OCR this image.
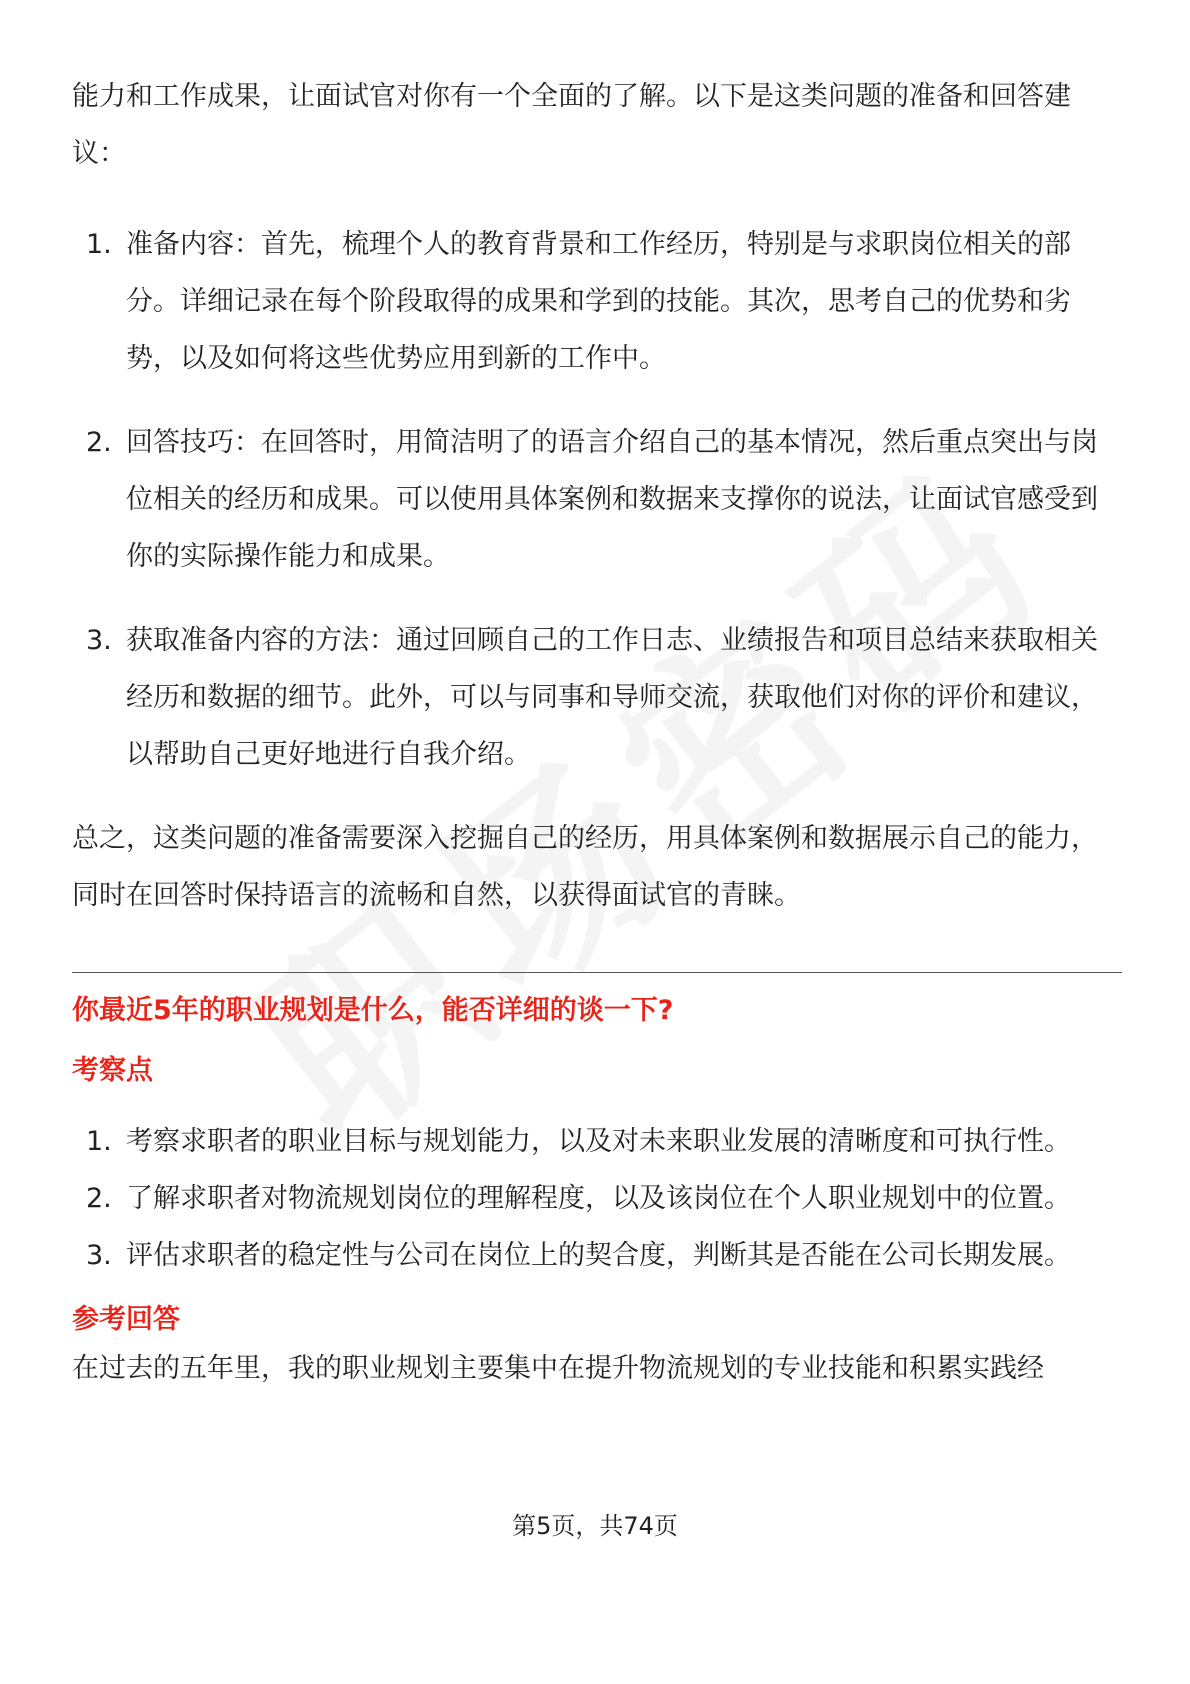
能力和工作成果，让面试官对你有一个全面的了解。以下是这类问题的准备和回答建议：

1. 准备内容：首先，梳理个人的教育背景和工作经历，特别是与求职岗位相关的部分。详细记录在每个阶段取得的成果和学到的技能。其次，思考自己的优势和劣势，以及如何将这些优势应用到新的工作中。
2. 回答技巧：在回答时，用简洁明了的语言介绍自己的基本情况，然后重点突出与岗位相关的经历和成果。可以使用具体案例和数据来支撑你的说法，让面试官感受到你的实际操作能力和成果。
3. 获取准备内容的方法：通过回顾自己的工作日志、业绩报告和项目总结来获取相关经历和数据的细节。此外，可以与同事和导师交流，获取他们对你的评价和建议，以帮助自己更好地进行自我介绍。

总之，这类问题的准备需要深入挖掘自己的经历，用具体案例和数据展示自己的能力，同时在回答时保持语言的流畅和自然，以获得面试官的青睐。

你最近5年的职业规划是什么，能否详细的谈一下?
考察点
1. 考察求职者的职业目标与规划能力，以及对未来职业发展的清晰度和可执行性。
2. 了解求职者对物流规划岗位的理解程度，以及该岗位在个人职业规划中的位置。
3. 评估求职者的稳定性与公司在岗位上的契合度，判断其是否能在公司长期发展。
参考回答

在过去的五年里，我的职业规划主要集中在提升物流规划的专业技能和积累实践经

第5页，共74页
